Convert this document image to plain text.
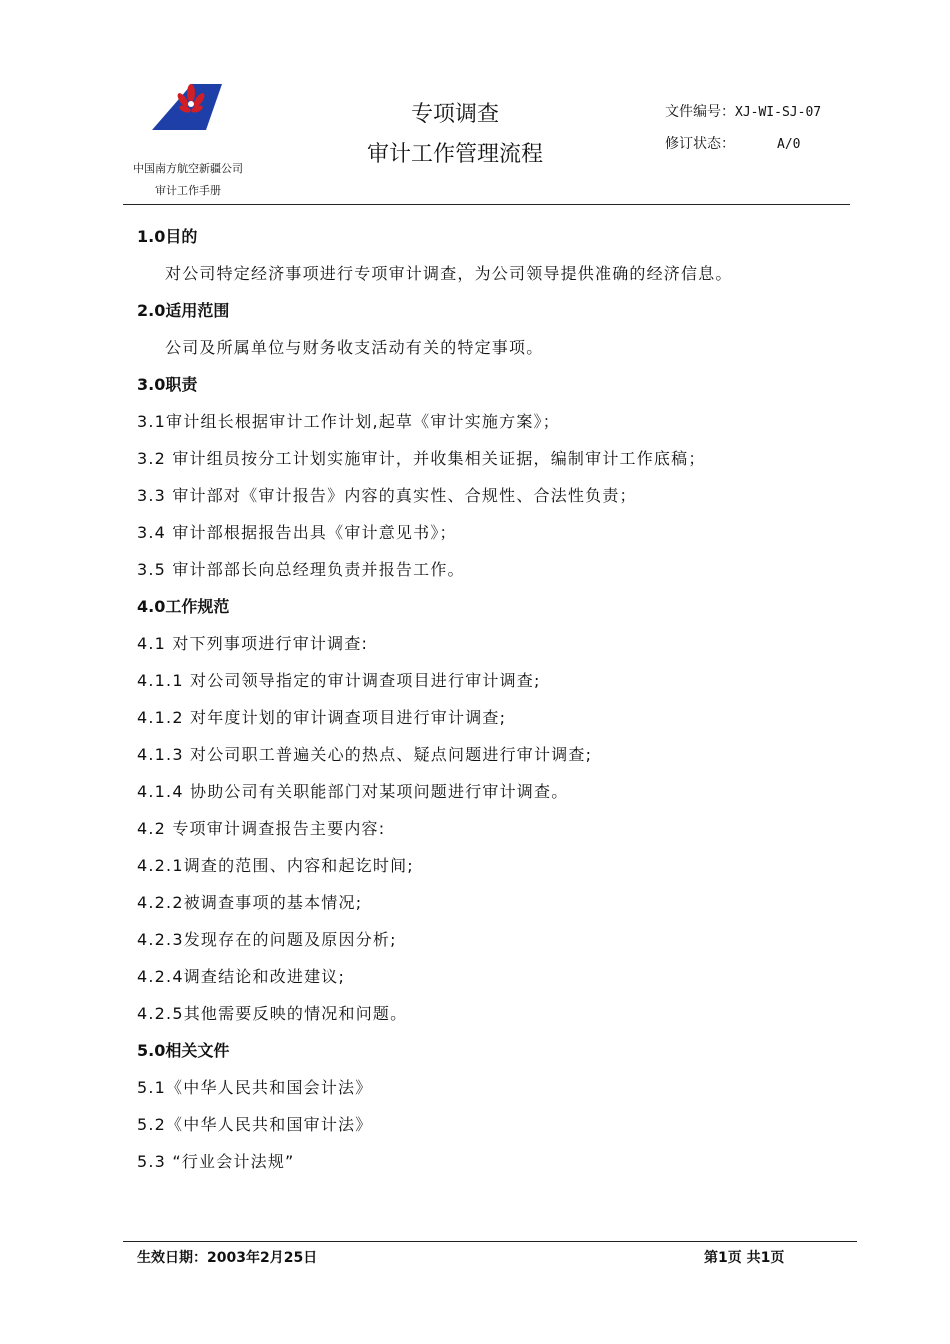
中国南方航空新疆公司
审计工作手册
专项调查
审计工作管理流程
文件编号：XJ-WI-SJ-07
修订状态：	A/0
1.0目的
对公司特定经济事项进行专项审计调查，为公司领导提供准确的经济信息。
2.0适用范围
公司及所属单位与财务收支活动有关的特定事项。
3.0职责
3.1审计组长根据审计工作计划,起草《审计实施方案》；
3.2 审计组员按分工计划实施审计，并收集相关证据，编制审计工作底稿；
3.3 审计部对《审计报告》内容的真实性、合规性、合法性负责；
3.4 审计部根据报告出具《审计意见书》；
3.5 审计部部长向总经理负责并报告工作。
4.0工作规范
4.1 对下列事项进行审计调查:
4.1.1 对公司领导指定的审计调查项目进行审计调查;
4.1.2 对年度计划的审计调查项目进行审计调查;
4.1.3 对公司职工普遍关心的热点、疑点问题进行审计调查;
4.1.4 协助公司有关职能部门对某项问题进行审计调查。
4.2 专项审计调查报告主要内容:
4.2.1调查的范围、内容和起讫时间;
4.2.2被调查事项的基本情况;
4.2.3发现存在的问题及原因分析;
4.2.4调查结论和改进建议;
4.2.5其他需要反映的情况和问题。
5.0相关文件
5.1《中华人民共和国会计法》
5.2《中华人民共和国审计法》
5.3 “行业会计法规”
生效日期：2003年2月25日	第1页 共1页
